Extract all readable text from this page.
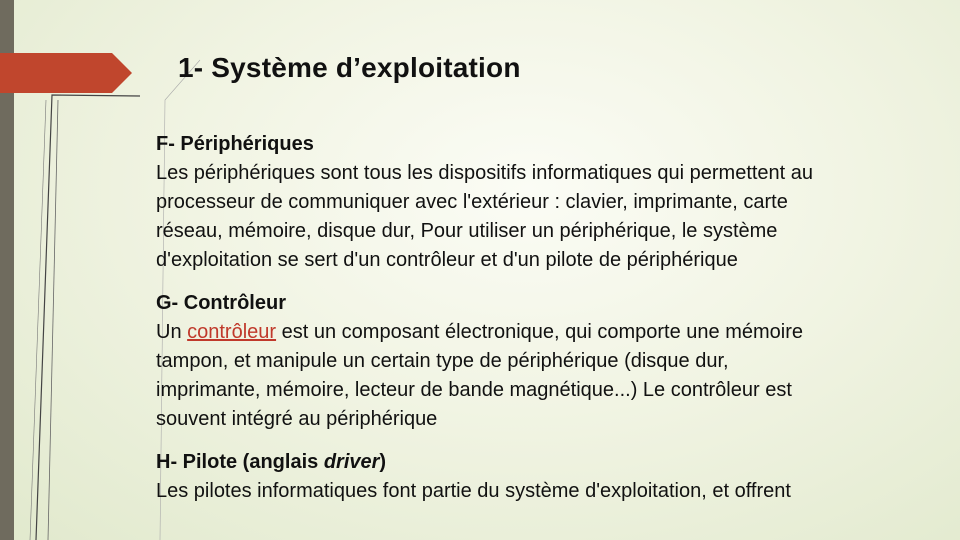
1- Système d’exploitation
F- Périphériques
Les périphériques sont tous les dispositifs informatiques qui permettent au
processeur de communiquer avec l'extérieur : clavier, imprimante, carte
réseau, mémoire, disque dur, Pour utiliser un périphérique, le système
d'exploitation se sert d'un contrôleur et d'un pilote de périphérique
G- Contrôleur
Un contrôleur est un composant électronique, qui comporte une mémoire
tampon, et manipule un certain type de périphérique (disque dur,
imprimante, mémoire, lecteur de bande magnétique...) Le contrôleur est
souvent intégré au périphérique
H- Pilote (anglais driver)
Les pilotes informatiques font partie du système d'exploitation, et offrent
